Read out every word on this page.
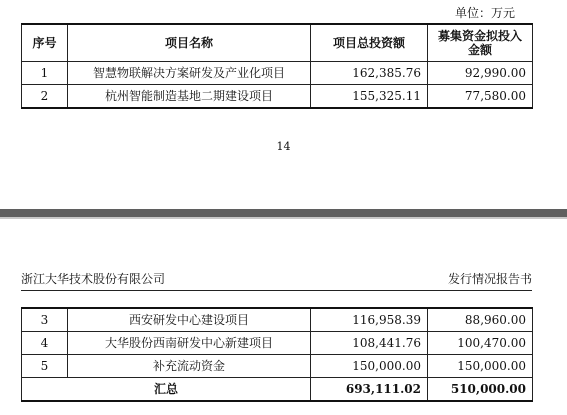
单位：万元
序号	项目名称	项目总投资额	募集资金拟投入金额
1	智慧物联解决方案研发及产业化项目	162,385.76	92,990.00
2	杭州智能制造基地二期建设项目	155,325.11	77,580.00
14
浙江大华技术股份有限公司	发行情况报告书
3	西安研发中心建设项目	116,958.39	88,960.00
4	大华股份西南研发中心新建项目	108,441.76	100,470.00
5	补充流动资金	150,000.00	150,000.00
汇总		693,111.02	510,000.00
